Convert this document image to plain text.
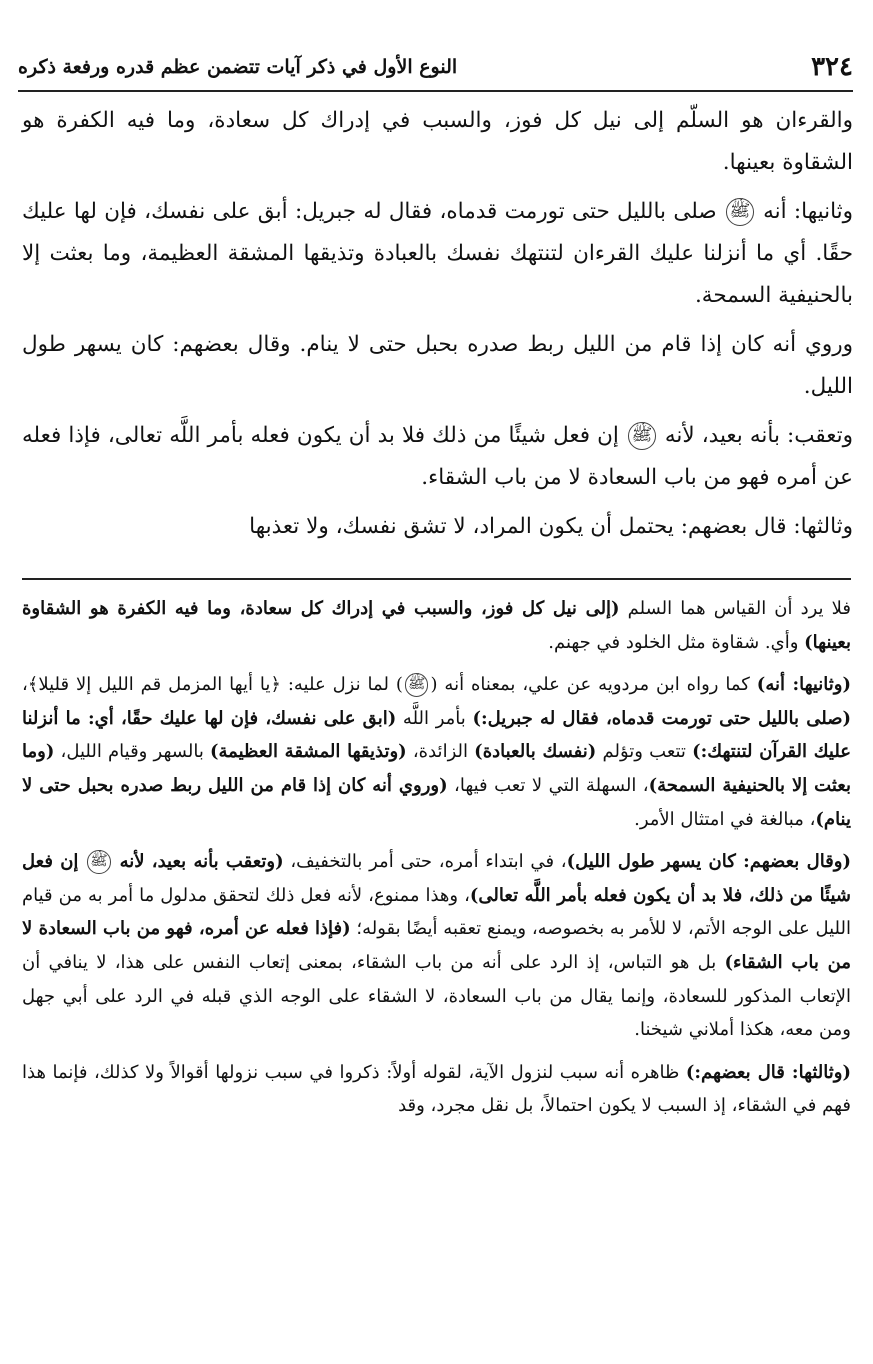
٣٢٤
النوع الأول في ذكر آيات تتضمن عظم قدره ورفعة ذكره

والقرءان هو السلّم إلى نيل كل فوز، والسبب في إدراك كل سعادة، وما فيه الكفرة هو الشقاوة بعينها.

وثانيها: أنه ﷺ صلى بالليل حتى تورمت قدماه، فقال له جبريل: أبق على نفسك، فإن لها عليك حقًا. أي ما أنزلنا عليك القرءان لتنتهك نفسك بالعبادة وتذيقها المشقة العظيمة، وما بعثت إلا بالحنيفية السمحة.

وروي أنه كان إذا قام من الليل ربط صدره بحبل حتى لا ينام. وقال بعضهم: كان يسهر طول الليل.

وتعقب: بأنه بعيد، لأنه ﷺ إن فعل شيئًا من ذلك فلا بد أن يكون فعله بأمر اللَّه تعالى، فإذا فعله عن أمره فهو من باب السعادة لا من باب الشقاء.

وثالثها: قال بعضهم: يحتمل أن يكون المراد، لا تشق نفسك، ولا تعذبها

فلا يرد أن القياس هما السلم (إلى نيل كل فوز، والسبب في إدراك كل سعادة، وما فيه الكفرة هو الشقاوة بعينها) وأي. شقاوة مثل الخلود في جهنم.

(وثانيها: أنه) كما رواه ابن مردويه عن علي، بمعناه أنه (ﷺ) لما نزل عليه: ﴿يا أيها المزمل قم الليل إلا قليلا﴾، (صلى بالليل حتى تورمت قدماه، فقال له جبريل:) بأمر اللَّه (ابق على نفسك، فإن لها عليك حقًا، أي: ما أنزلنا عليك القرآن لتنتهك:) تتعب وتؤلم (نفسك بالعبادة) الزائدة، (وتذيقها المشقة العظيمة) بالسهر وقيام الليل، (وما بعثت إلا بالحنيفية السمحة)، السهلة التي لا تعب فيها، (وروي أنه كان إذا قام من الليل ربط صدره بحبل حتى لا ينام)، مبالغة في امتثال الأمر.

(وقال بعضهم: كان يسهر طول الليل)، في ابتداء أمره، حتى أمر بالتخفيف، (وتعقب بأنه بعيد، لأنه ﷺ إن فعل شيئًا من ذلك، فلا بد أن يكون فعله بأمر اللَّه تعالى)، وهذا ممنوع، لأنه فعل ذلك لتحقق مدلول ما أمر به من قيام الليل على الوجه الأتم، لا للأمر به بخصوصه، ويمنع تعقبه أيضًا بقوله؛ (فإذا فعله عن أمره، فهو من باب السعادة لا من باب الشقاء) بل هو التباس، إذ الرد على أنه من باب الشقاء، بمعنى إتعاب النفس على هذا، لا ينافي أن الإتعاب المذكور للسعادة، وإنما يقال من باب السعادة، لا الشقاء على الوجه الذي قبله في الرد على أبي جهل ومن معه، هكذا أملاني شيخنا.

(وثالثها: قال بعضهم:) ظاهره أنه سبب لنزول الآية، لقوله أولاً: ذكروا في سبب نزولها أقوالاً ولا كذلك، فإنما هذا فهم في الشقاء، إذ السبب لا يكون احتمالاً، بل نقل مجرد، وقد
